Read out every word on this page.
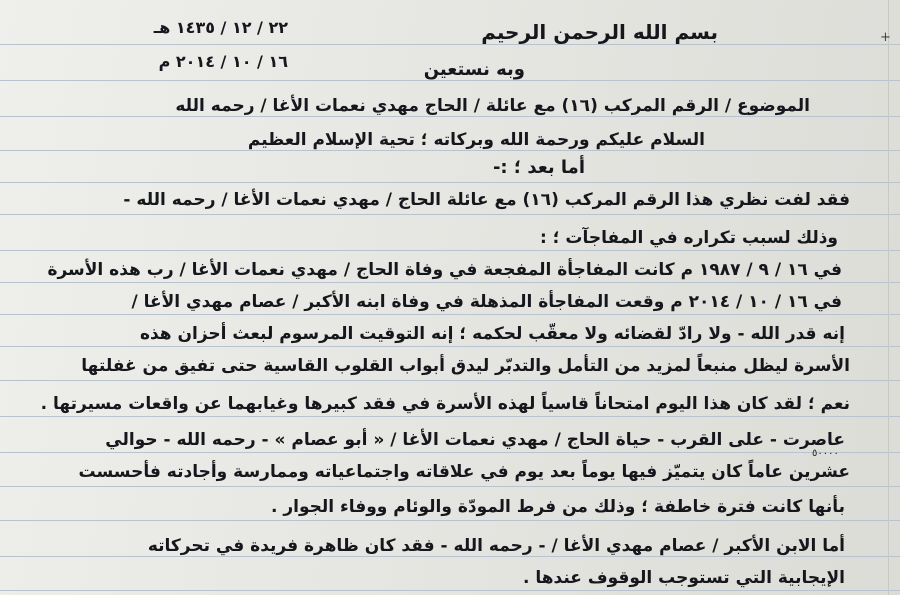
+
بسم الله الرحمن الرحيم
٢٢ / ١٢ / ١٤٣٥ هـ
وبه نستعين
١٦ / ١٠ / ٢٠١٤ م
الموضوع / الرقم المركب (١٦) مع عائلة / الحاج مهدي نعمات الأغا / رحمه الله
السلام عليكم ورحمة الله وبركاته ؛ تحية الإسلام العظيم
أما بعد ؛ :-
فقد لفت نظري هذا الرقم المركب (١٦) مع عائلة الحاج / مهدي نعمات الأغا / رحمه الله -
وذلك لسبب تكراره في المفاجآت ؛ :
في ١٦ / ٩ / ١٩٨٧ م كانت المفاجأة المفجعة في وفاة الحاج / مهدي نعمات الأغا / رب هذه الأسرة
في ١٦ / ١٠ / ٢٠١٤ م وقعت المفاجأة المذهلة في وفاة ابنه الأكبر / عصام مهدي الأغا /
إنه قدر الله - ولا رادّ لقضائه ولا معقّب لحكمه ؛ إنه التوقيت المرسوم لبعث أحزان هذه
الأسرة ليظل منبعاً لمزيد من التأمل والتدبّر ليدق أبواب القلوب القاسية حتى تفيق من غفلتها
نعم ؛ لقد كان هذا اليوم امتحاناً قاسياً لهذه الأسرة في فقد كبيرها وغيابهما عن واقعات مسيرتها .
عاصرت - على القرب - حياة الحاج / مهدي نعمات الأغا / « أبو عصام » - رحمه الله - حوالي
عشرين عاماً كان يتميّز فيها يوماً بعد يوم في علاقاته واجتماعياته وممارسة وأجادته فأحسست
بأنها كانت فترة خاطفة ؛ وذلك من فرط المودّة والوئام ووفاء الجوار .
أما الابن الأكبر / عصام مهدي الأغا / - رحمه الله - فقد كان ظاهرة فريدة في تحركاته
الإيجابية التي تستوجب الوقوف عندها .
٥٠٠٠٠
